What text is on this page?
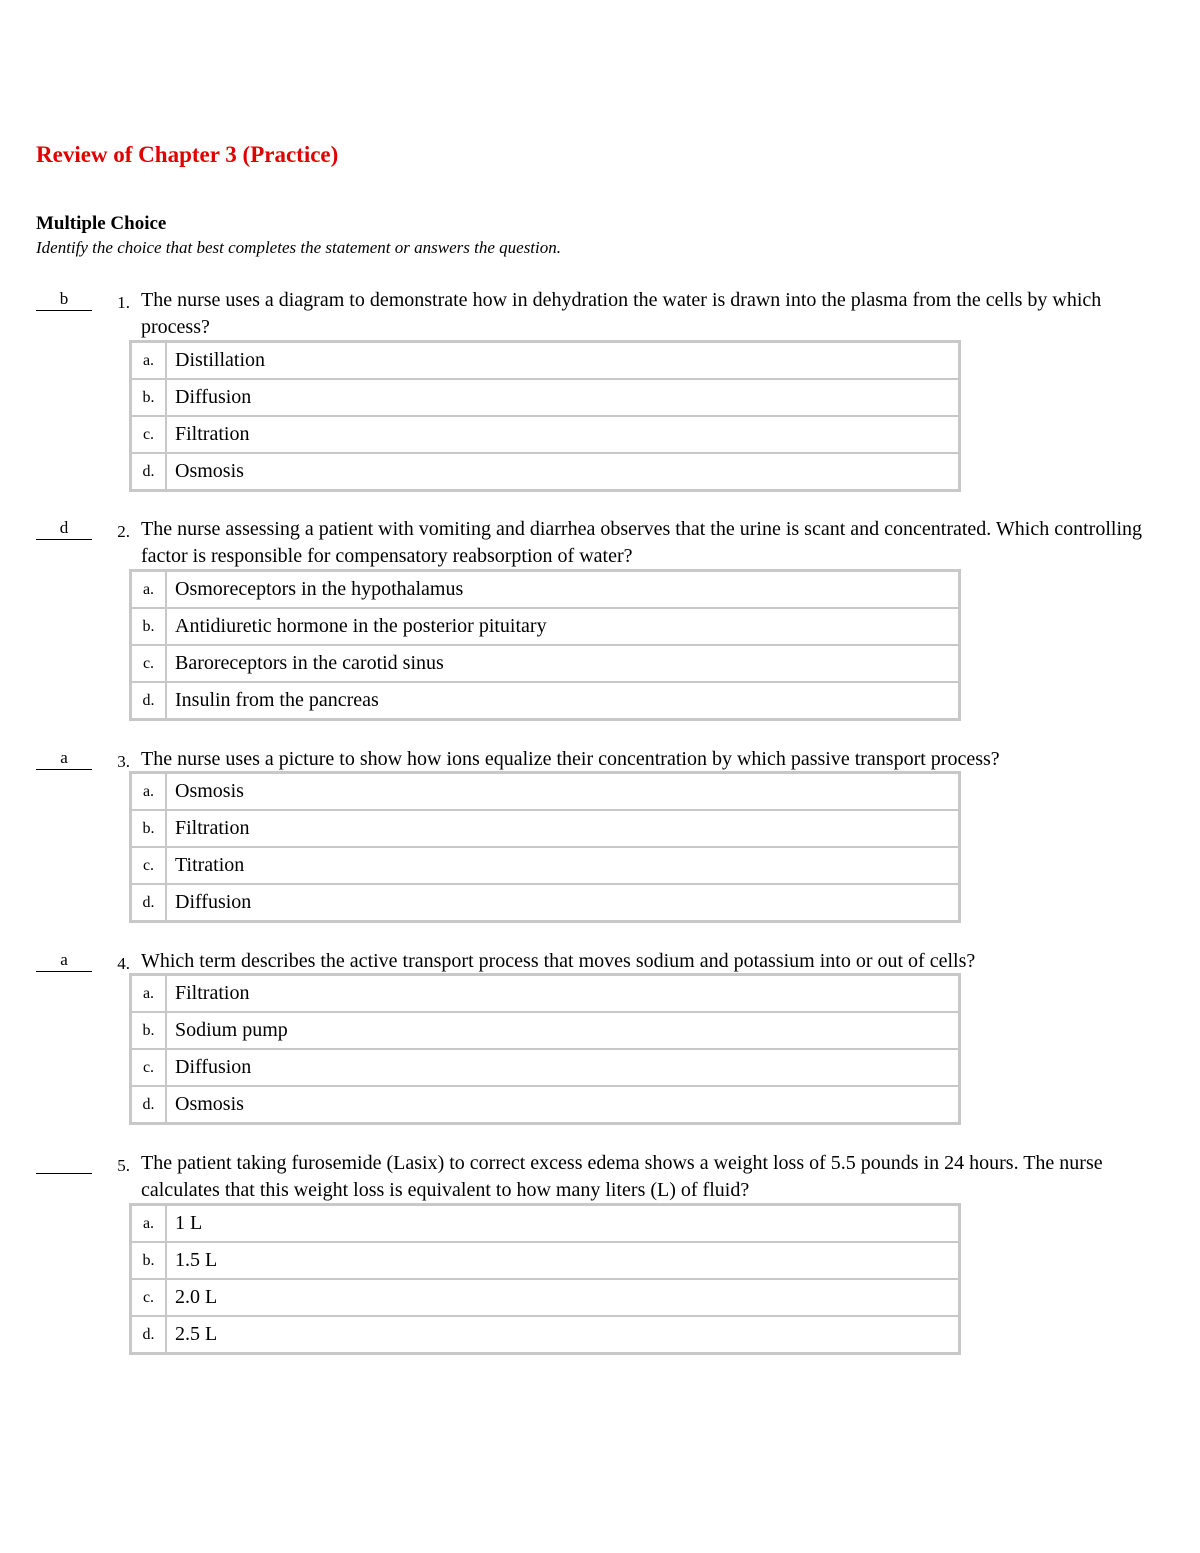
Review of Chapter 3 (Practice)
Multiple Choice
Identify the choice that best completes the statement or answers the question.
b	1. The nurse uses a diagram to demonstrate how in dehydration the water is drawn into the plasma from the cells by which process?
a.	Distillation
b.	Diffusion
c.	Filtration
d.	Osmosis
d	2. The nurse assessing a patient with vomiting and diarrhea observes that the urine is scant and concentrated. Which controlling factor is responsible for compensatory reabsorption of water?
a.	Osmoreceptors in the hypothalamus
b.	Antidiuretic hormone in the posterior pituitary
c.	Baroreceptors in the carotid sinus
d.	Insulin from the pancreas
a	3. The nurse uses a picture to show how ions equalize their concentration by which passive transport process?
a.	Osmosis
b.	Filtration
c.	Titration
d.	Diffusion
a	4. Which term describes the active transport process that moves sodium and potassium into or out of cells?
a.	Filtration
b.	Sodium pump
c.	Diffusion
d.	Osmosis
5. The patient taking furosemide (Lasix) to correct excess edema shows a weight loss of 5.5 pounds in 24 hours. The nurse calculates that this weight loss is equivalent to how many liters (L) of fluid?
a.	1 L
b.	1.5 L
c.	2.0 L
d.	2.5 L
